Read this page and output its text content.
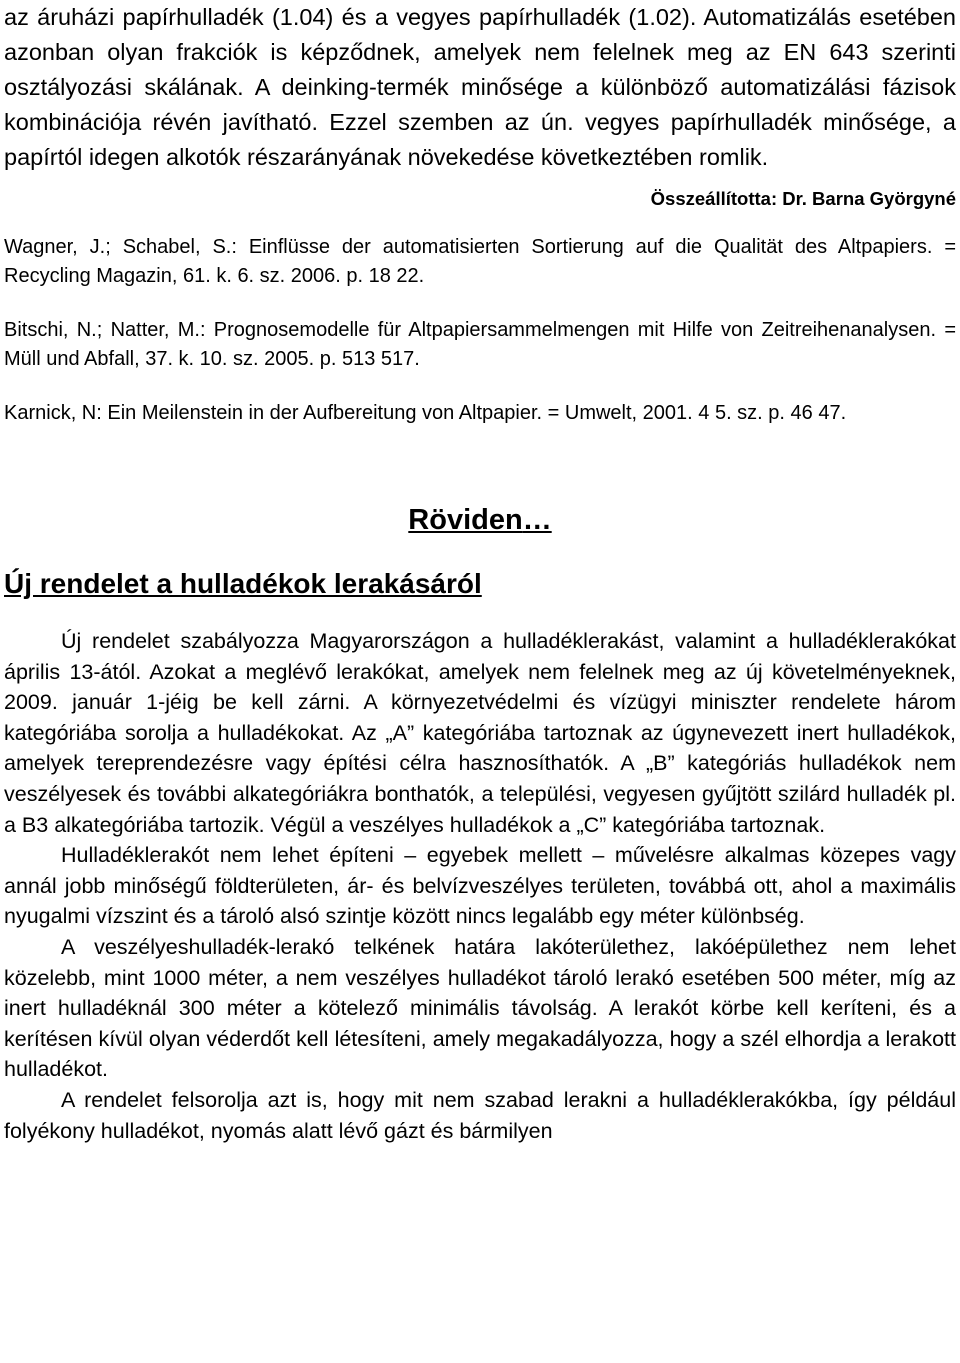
az áruházi papírhulladék (1.04) és a vegyes papírhulladék (1.02). Automatizálás esetében azonban olyan frakciók is képződnek, amelyek nem felelnek meg az EN 643 szerinti osztályozási skálának. A deinking-termék minősége a különböző automatizálási fázisok kombinációja révén javítható. Ezzel szemben az ún. vegyes papírhulladék minősége, a papírtól idegen alkotók részarányának növekedése következtében romlik.

Összeállította: Dr. Barna Györgyné

Wagner, J.; Schabel, S.: Einflüsse der automatisierten Sortierung auf die Qualität des Altpapiers. = Recycling Magazin, 61. k. 6. sz. 2006. p. 18 22.

Bitschi, N.; Natter, M.: Prognosemodelle für Altpapiersammelmengen mit Hilfe von Zeitreihenanalysen. = Müll und Abfall, 37. k. 10. sz. 2005. p. 513 517.

Karnick, N: Ein Meilenstein in der Aufbereitung von Altpapier. = Umwelt, 2001. 4 5. sz. p. 46 47.

Röviden…
Új rendelet a hulladékok lerakásáról

Új rendelet szabályozza Magyarországon a hulladéklerakást, valamint a hulladéklerakókat április 13-ától. Azokat a meglévő lerakókat, amelyek nem felelnek meg az új követelményeknek, 2009. január 1-jéig be kell zárni. A környezetvédelmi és vízügyi miniszter rendelete három kategóriába sorolja a hulladékokat. Az „A” kategóriába tartoznak az úgynevezett inert hulladékok, amelyek tereprendezésre vagy építési célra hasznosíthatók. A „B” kategóriás hulladékok nem veszélyesek és további alkategóriákra bonthatók, a települési, vegyesen gyűjtött szilárd hulladék pl. a B3 alkategóriába tartozik. Végül a veszélyes hulladékok a „C” kategóriába tartoznak.

Hulladéklerakót nem lehet építeni – egyebek mellett – művelésre alkalmas közepes vagy annál jobb minőségű földterületen, ár- és belvízveszélyes területen, továbbá ott, ahol a maximális nyugalmi vízszint és a tároló alsó szintje között nincs legalább egy méter különbség.

A veszélyeshulladék-lerakó telkének határa lakóterülethez, lakóépülethez nem lehet közelebb, mint 1000 méter, a nem veszélyes hulladékot tároló lerakó esetében 500 méter, míg az inert hulladéknál 300 méter a kötelező minimális távolság. A lerakót körbe kell keríteni, és a kerítésen kívül olyan véderdőt kell létesíteni, amely megakadályozza, hogy a szél elhordja a lerakott hulladékot.

A rendelet felsorolja azt is, hogy mit nem szabad lerakni a hulladéklerakókba, így például folyékony hulladékot, nyomás alatt lévő gázt és bármilyen
